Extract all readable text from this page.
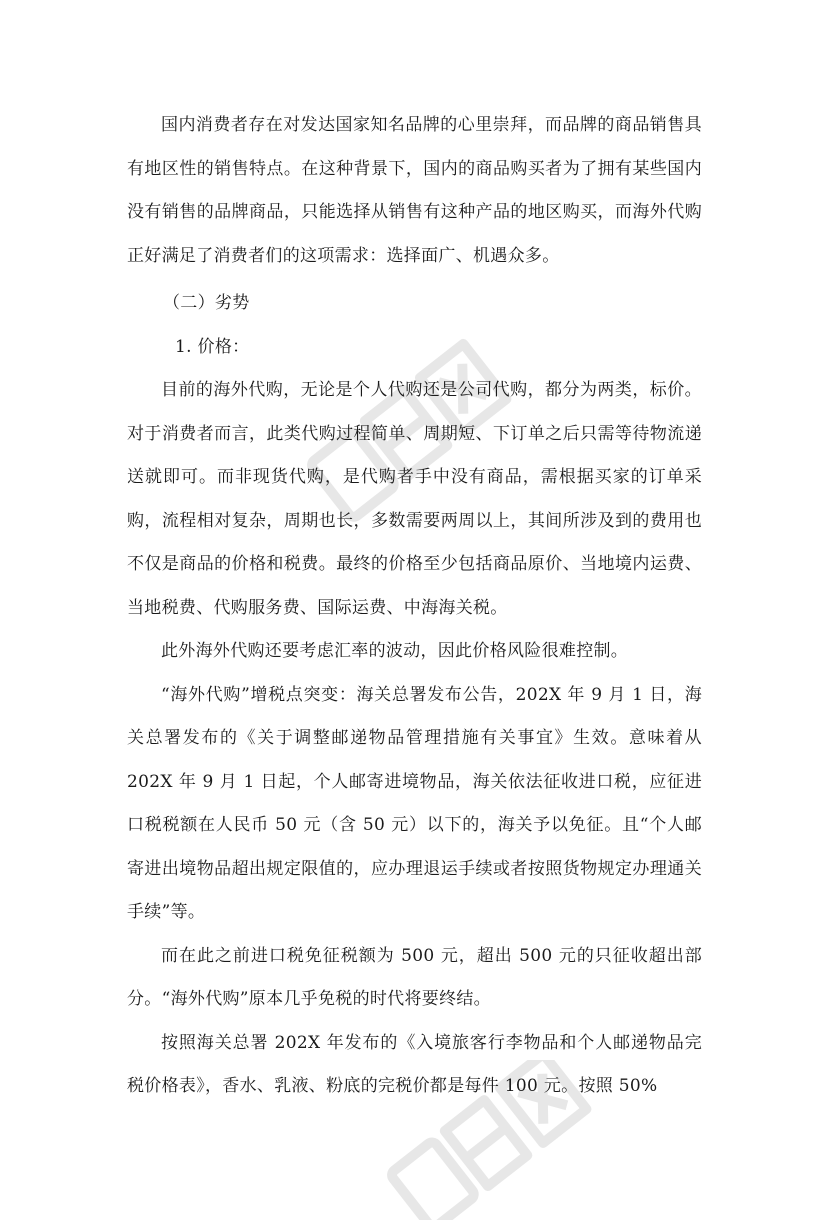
国内消费者存在对发达国家知名品牌的心里崇拜，而品牌的商品销售具有地区性的销售特点。在这种背景下，国内的商品购买者为了拥有某些国内没有销售的品牌商品，只能选择从销售有这种产品的地区购买，而海外代购正好满足了消费者们的这项需求：选择面广、机遇众多。

（二）劣势

1. 价格：

目前的海外代购，无论是个人代购还是公司代购，都分为两类，标价。对于消费者而言，此类代购过程简单、周期短、下订单之后只需等待物流递送就即可。而非现货代购，是代购者手中没有商品，需根据买家的订单采购，流程相对复杂，周期也长，多数需要两周以上，其间所涉及到的费用也不仅是商品的价格和税费。最终的价格至少包括商品原价、当地境内运费、当地税费、代购服务费、国际运费、中海海关税。

此外海外代购还要考虑汇率的波动，因此价格风险很难控制。

“海外代购”增税点突变：海关总署发布公告，202X 年 9 月 1 日，海关总署发布的《关于调整邮递物品管理措施有关事宜》生效。意味着从 202X 年 9 月 1 日起，个人邮寄进境物品，海关依法征收进口税，应征进口税税额在人民币 50 元（含 50 元）以下的，海关予以免征。且“个人邮寄进出境物品超出规定限值的，应办理退运手续或者按照货物规定办理通关手续”等。

而在此之前进口税免征税额为 500 元，超出 500 元的只征收超出部分。“海外代购”原本几乎免税的时代将要终结。

按照海关总署 202X 年发布的《入境旅客行李物品和个人邮递物品完税价格表》，香水、乳液、粉底的完税价都是每件 100 元。按照 50%
